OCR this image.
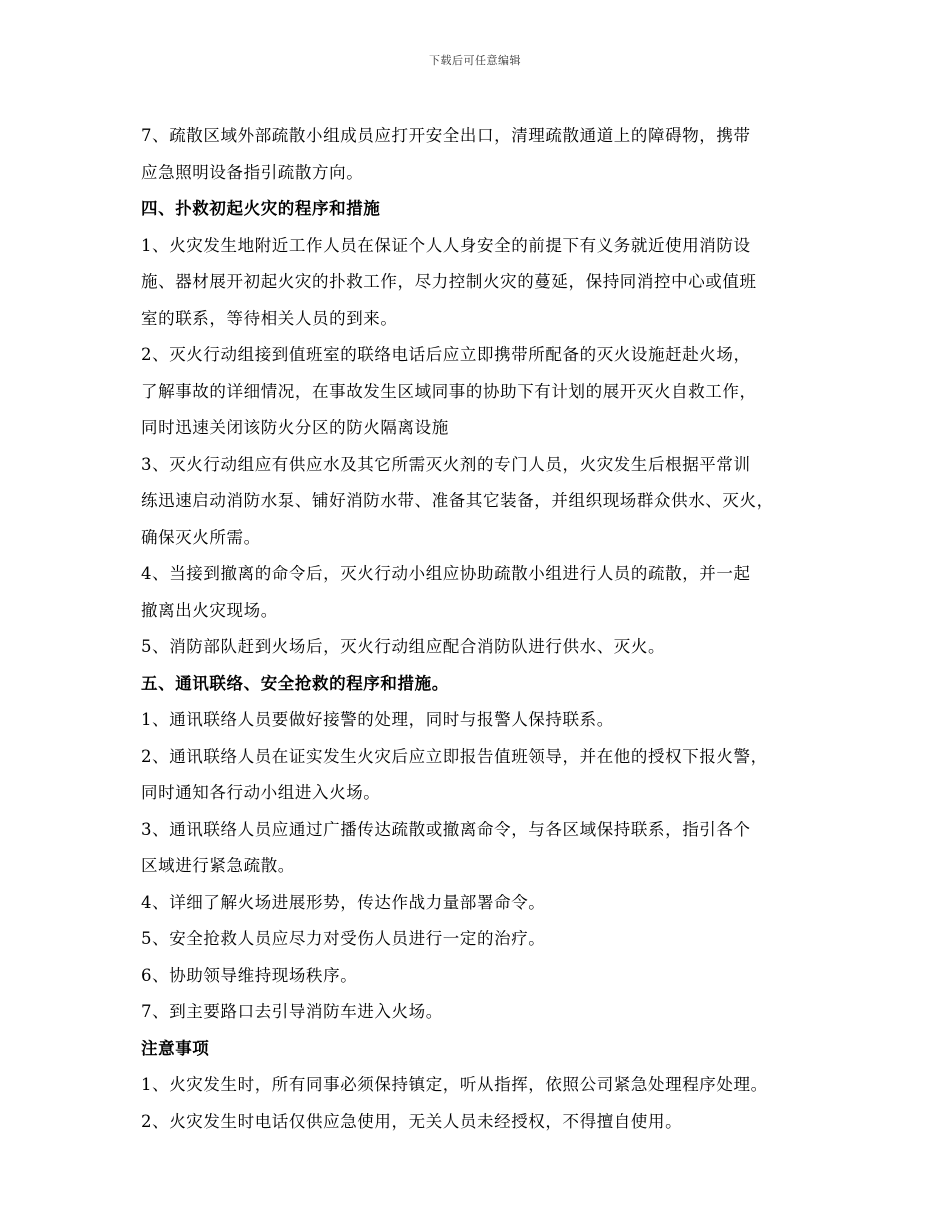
下载后可任意编辑
7、疏散区域外部疏散小组成员应打开安全出口，清理疏散通道上的障碍物，携带
应急照明设备指引疏散方向。
四、扑救初起火灾的程序和措施
1、火灾发生地附近工作人员在保证个人人身安全的前提下有义务就近使用消防设
施、器材展开初起火灾的扑救工作，尽力控制火灾的蔓延，保持同消控中心或值班
室的联系，等待相关人员的到来。
2、灭火行动组接到值班室的联络电话后应立即携带所配备的灭火设施赶赴火场，
了解事故的详细情况，在事故发生区域同事的协助下有计划的展开灭火自救工作，
同时迅速关闭该防火分区的防火隔离设施
3、灭火行动组应有供应水及其它所需灭火剂的专门人员，火灾发生后根据平常训
练迅速启动消防水泵、铺好消防水带、准备其它装备，并组织现场群众供水、灭火，
确保灭火所需。
4、当接到撤离的命令后，灭火行动小组应协助疏散小组进行人员的疏散，并一起
撤离出火灾现场。
5、消防部队赶到火场后，灭火行动组应配合消防队进行供水、灭火。
五、通讯联络、安全抢救的程序和措施。
1、通讯联络人员要做好接警的处理，同时与报警人保持联系。
2、通讯联络人员在证实发生火灾后应立即报告值班领导，并在他的授权下报火警，
同时通知各行动小组进入火场。
3、通讯联络人员应通过广播传达疏散或撤离命令，与各区域保持联系，指引各个
区域进行紧急疏散。
4、详细了解火场进展形势，传达作战力量部署命令。
5、安全抢救人员应尽力对受伤人员进行一定的治疗。
6、协助领导维持现场秩序。
7、到主要路口去引导消防车进入火场。
注意事项
1、火灾发生时，所有同事必须保持镇定，听从指挥，依照公司紧急处理程序处理。
2、火灾发生时电话仅供应急使用，无关人员未经授权，不得擅自使用。
